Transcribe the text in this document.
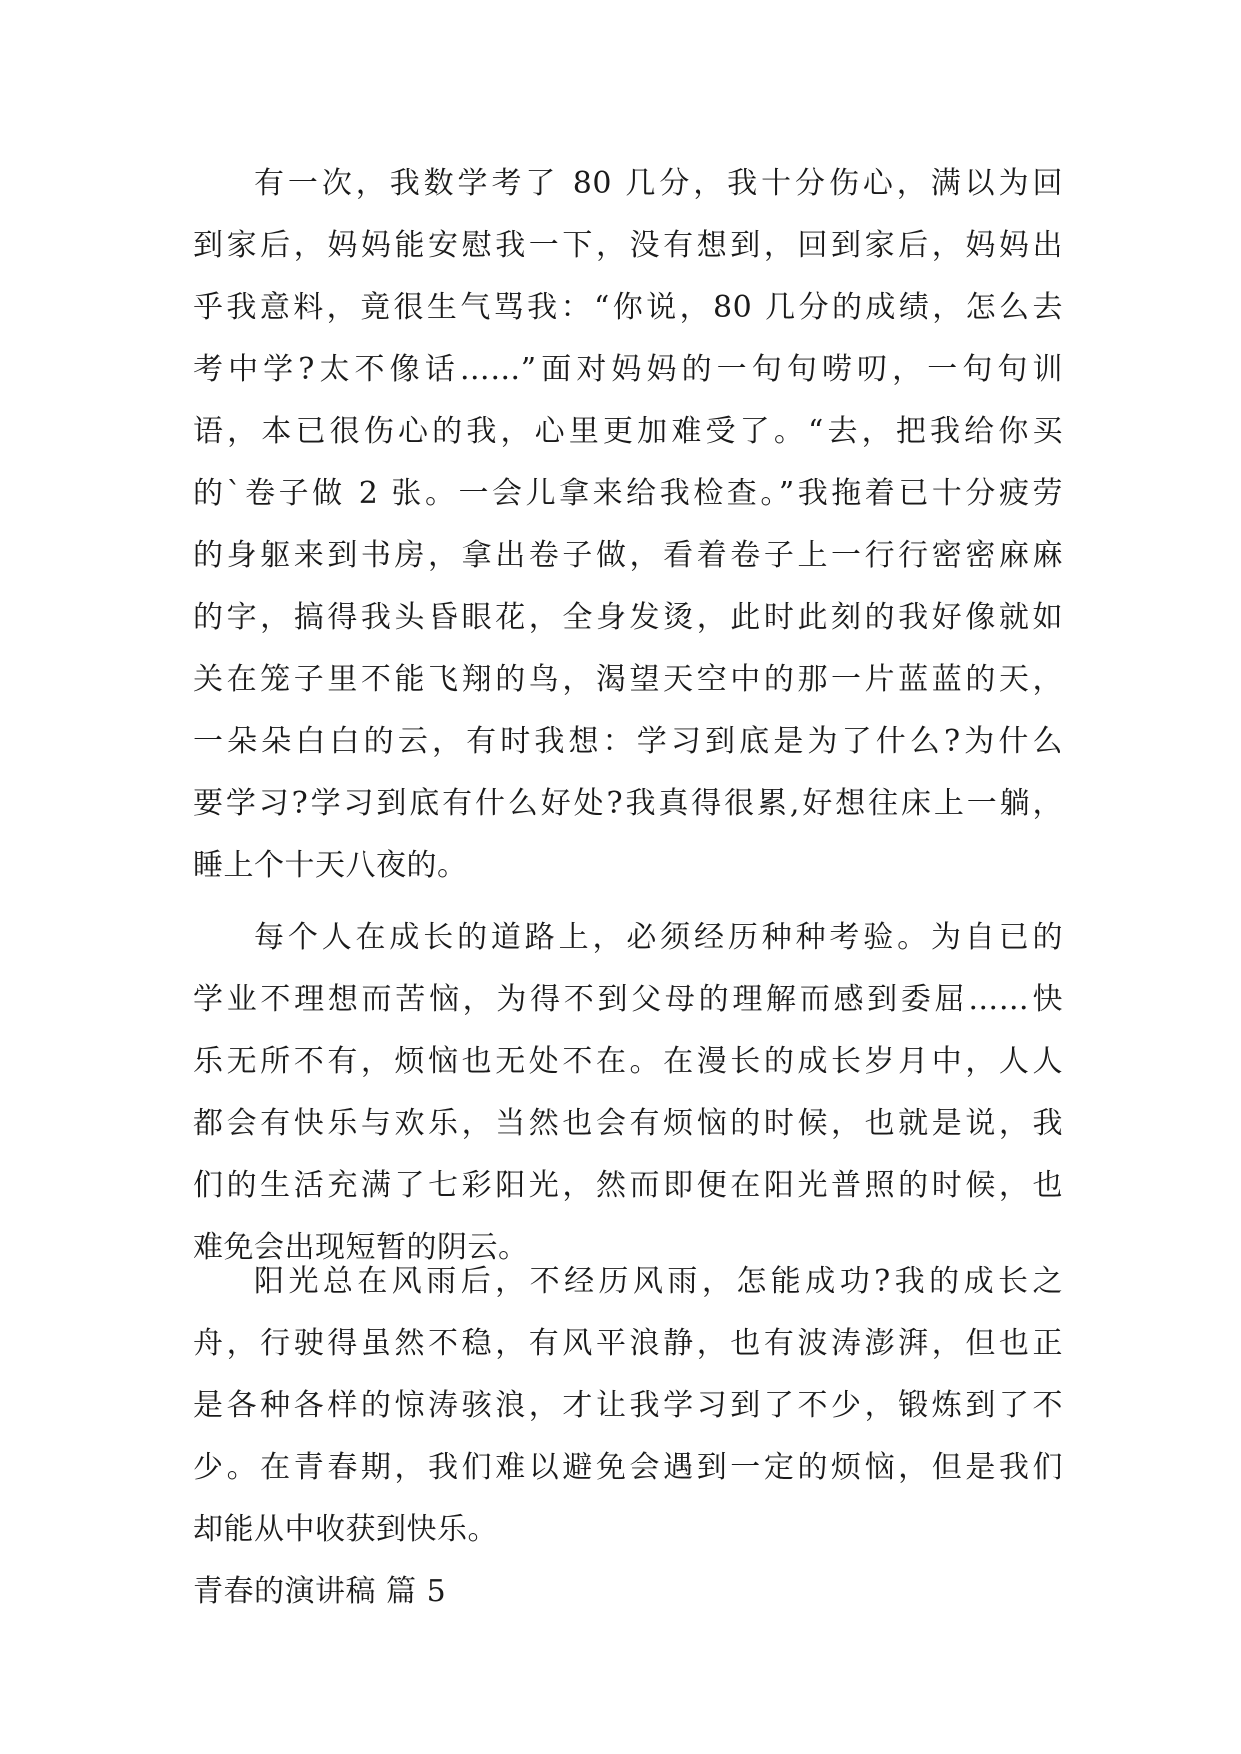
有一次，我数学考了 80 几分，我十分伤心，满以为回

到家后，妈妈能安慰我一下，没有想到，回到家后，妈妈出

乎我意料，竟很生气骂我：“你说，80 几分的成绩，怎么去

考中学?太不像话……”面对妈妈的一句句唠叨，一句句训

语，本已很伤心的我，心里更加难受了。“去，把我给你买

的`卷子做 2 张。一会儿拿来给我检查。”我拖着已十分疲劳

的身躯来到书房，拿出卷子做，看着卷子上一行行密密麻麻

的字，搞得我头昏眼花，全身发烫，此时此刻的我好像就如

关在笼子里不能飞翔的鸟，渴望天空中的那一片蓝蓝的天，

一朵朵白白的云，有时我想：学习到底是为了什么?为什么

要学习?学习到底有什么好处?我真得很累,好想往床上一躺，

睡上个十天八夜的。

每个人在成长的道路上，必须经历种种考验。为自已的

学业不理想而苦恼，为得不到父母的理解而感到委屈……快

乐无所不有，烦恼也无处不在。在漫长的成长岁月中，人人

都会有快乐与欢乐，当然也会有烦恼的时候，也就是说，我

们的生活充满了七彩阳光，然而即便在阳光普照的时候，也

难免会出现短暂的阴云。

阳光总在风雨后，不经历风雨，怎能成功?我的成长之

舟，行驶得虽然不稳，有风平浪静，也有波涛澎湃，但也正

是各种各样的惊涛骇浪，才让我学习到了不少，锻炼到了不

少。在青春期，我们难以避免会遇到一定的烦恼，但是我们

却能从中收获到快乐。

青春的演讲稿 篇 5
